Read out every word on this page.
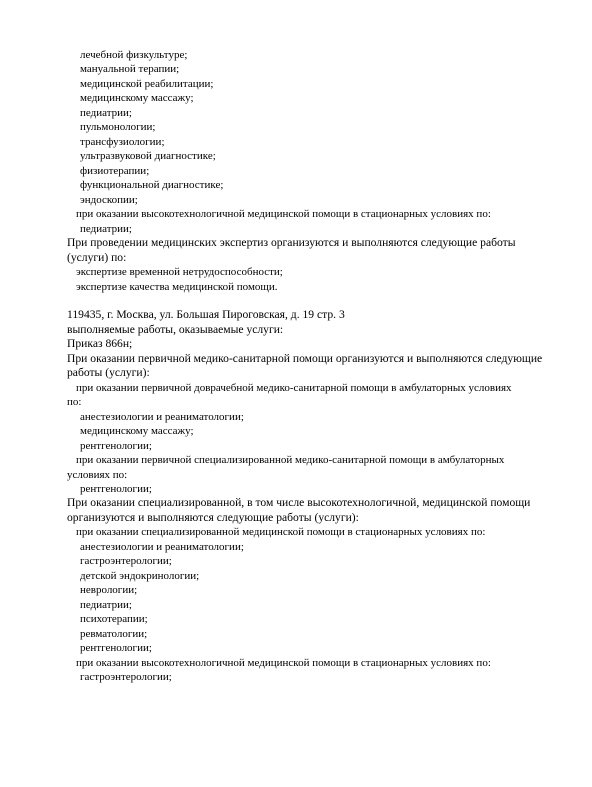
лечебной физкультуре;
мануальной терапии;
медицинской реабилитации;
медицинскому массажу;
педиатрии;
пульмонологии;
трансфузиологии;
ультразвуковой диагностике;
физиотерапии;
функциональной диагностике;
эндоскопии;
при оказании высокотехнологичной медицинской помощи в стационарных условиях по:
педиатрии;
При проведении медицинских экспертиз организуются и выполняются следующие работы
(услуги) по:
экспертизе временной нетрудоспособности;
экспертизе качества медицинской помощи.
119435, г. Москва, ул. Большая Пироговская, д. 19 стр. 3
выполняемые работы, оказываемые услуги:
Приказ 866н;
При оказании первичной медико-санитарной помощи организуются и выполняются следующие
работы (услуги):
при оказании первичной доврачебной медико-санитарной помощи в амбулаторных условиях
по:
анестезиологии и реаниматологии;
медицинскому массажу;
рентгенологии;
при оказании первичной специализированной медико-санитарной помощи в амбулаторных
условиях по:
рентгенологии;
При оказании специализированной, в том числе высокотехнологичной, медицинской помощи
организуются и выполняются следующие работы (услуги):
при оказании специализированной медицинской помощи в стационарных условиях по:
анестезиологии и реаниматологии;
гастроэнтерологии;
детской эндокринологии;
неврологии;
педиатрии;
психотерапии;
ревматологии;
рентгенологии;
при оказании высокотехнологичной медицинской помощи в стационарных условиях по:
гастроэнтерологии;
